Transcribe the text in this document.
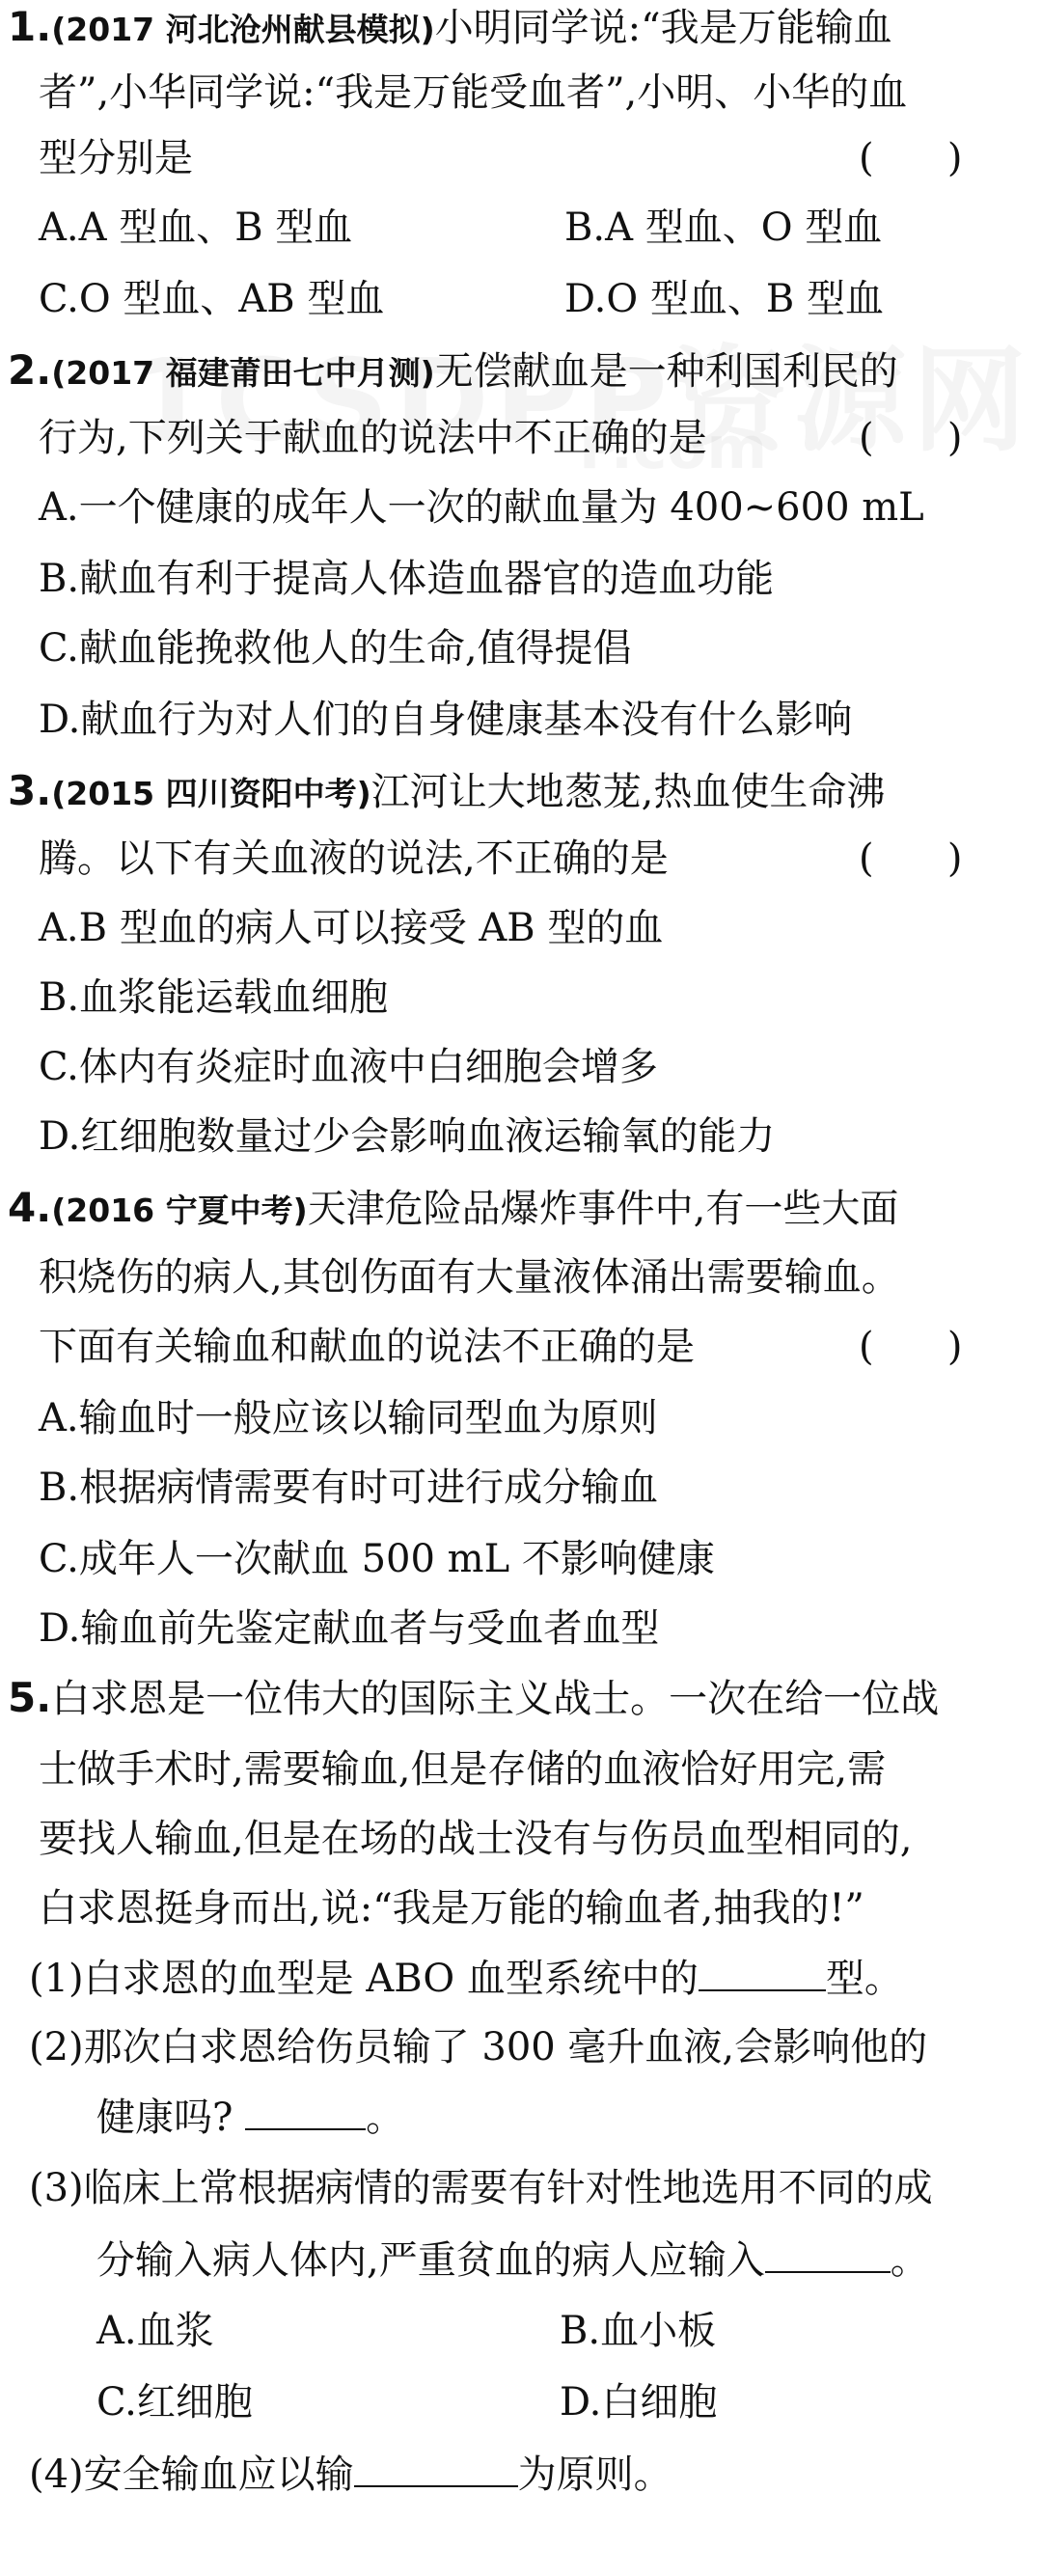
1.(2017 河北沧州献县模拟)小明同学说:“我是万能输血
者”,小华同学说:“我是万能受血者”,小明、小华的血
型分别是	(      )
A.A 型血、B 型血	B.A 型血、O 型血
C.O 型血、AB 型血	D.O 型血、B 型血
2.(2017 福建莆田七中月测)无偿献血是一种利国利民的
行为,下列关于献血的说法中不正确的是	(      )
A.一个健康的成年人一次的献血量为 400~600 mL
B.献血有利于提高人体造血器官的造血功能
C.献血能挽救他人的生命,值得提倡
D.献血行为对人们的自身健康基本没有什么影响
3.(2015 四川资阳中考)江河让大地葱茏,热血使生命沸
腾。以下有关血液的说法,不正确的是	(      )
A.B 型血的病人可以接受 AB 型的血
B.血浆能运载血细胞
C.体内有炎症时血液中白细胞会增多
D.红细胞数量过少会影响血液运输氧的能力
4.(2016 宁夏中考)天津危险品爆炸事件中,有一些大面
积烧伤的病人,其创伤面有大量液体涌出需要输血。
下面有关输血和献血的说法不正确的是	(      )
A.输血时一般应该以输同型血为原则
B.根据病情需要有时可进行成分输血
C.成年人一次献血 500 mL 不影响健康
D.输血前先鉴定献血者与受血者血型
5.白求恩是一位伟大的国际主义战士。一次在给一位战
士做手术时,需要输血,但是存储的血液恰好用完,需
要找人输血,但是在场的战士没有与伤员血型相同的,
白求恩挺身而出,说:“我是万能的输血者,抽我的!”
(1)白求恩的血型是 ABO 血型系统中的	型。
(2)那次白求恩给伤员输了 300 毫升血液,会影响他的
健康吗?	。
(3)临床上常根据病情的需要有针对性地选用不同的成
分输入病人体内,严重贫血的病人应输入	。
A.血浆	B.血小板
C.红细胞	D.白细胞
(4)安全输血应以输	为原则。
